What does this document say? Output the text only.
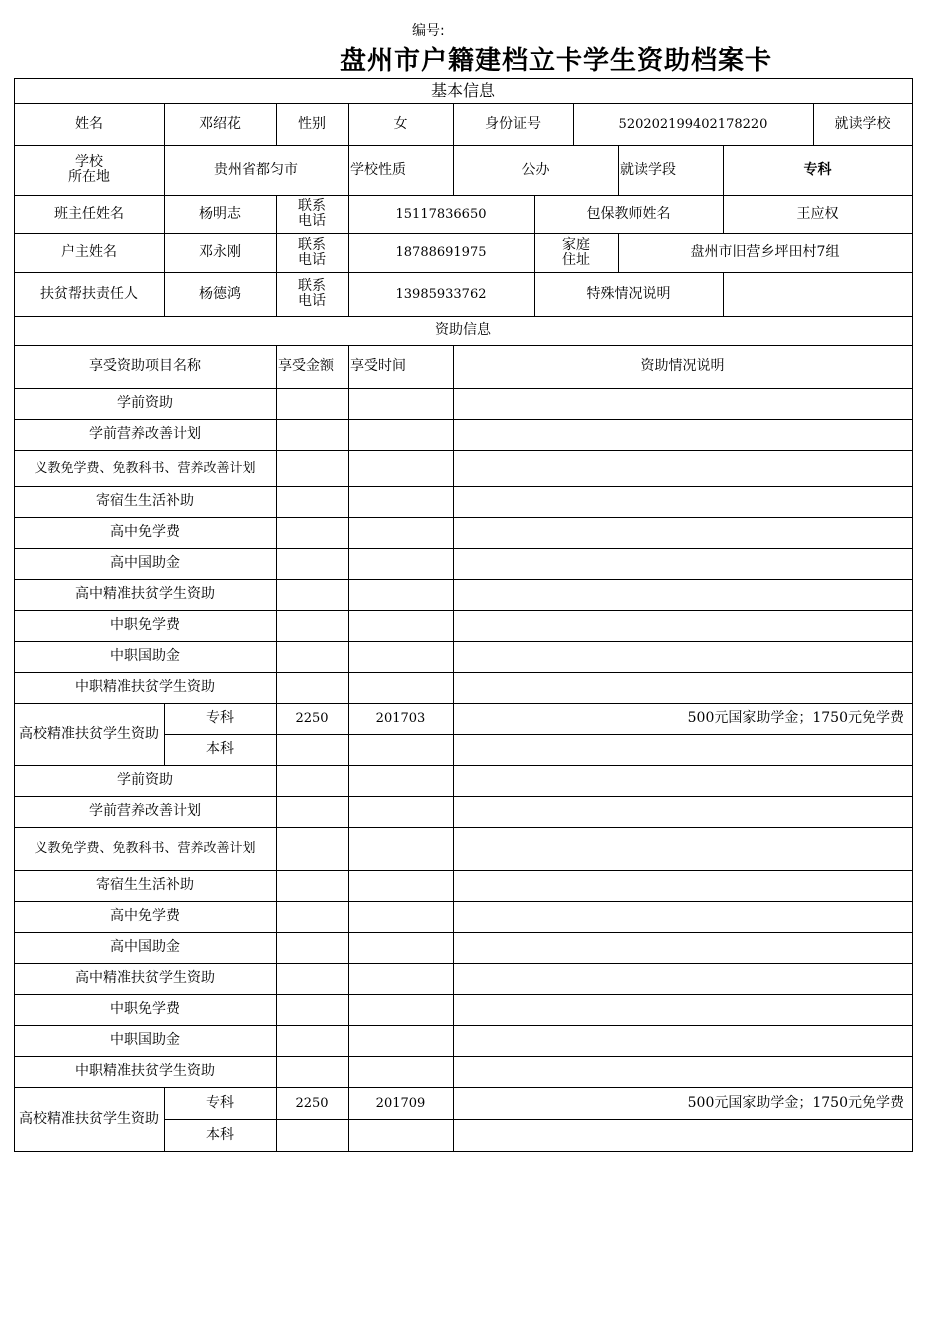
编号:
盘州市户籍建档立卡学生资助档案卡
基本信息
姓名	邓绍花	性别	女	身份证号	520202199402178220	就读学校
学校
所在地	贵州省都匀市	学校性质	公办	就读学段	专科
班主任姓名	杨明志	联系
电话	15117836650	包保教师姓名	王应权
户主姓名	邓永刚	联系
电话	18788691975	家庭
住址	盘州市旧营乡坪田村7组
扶贫帮扶责任人	杨德鸿	联系
电话	13985933762	特殊情况说明
资助信息
享受资助项目名称	享受金额	享受时间	资助情况说明
学前资助
学前营养改善计划
义教免学费、免教科书、营养改善计划
寄宿生生活补助
高中免学费
高中国助金
高中精准扶贫学生资助
中职免学费
中职国助金
中职精准扶贫学生资助
高校精准扶贫学生资助
专科	2250	201703	500元国家助学金；1750元免学费
本科
学前资助
学前营养改善计划
义教免学费、免教科书、营养改善计划
寄宿生生活补助
高中免学费
高中国助金
高中精准扶贫学生资助
中职免学费
中职国助金
中职精准扶贫学生资助
高校精准扶贫学生资助
专科	2250	201709	500元国家助学金；1750元免学费
本科
